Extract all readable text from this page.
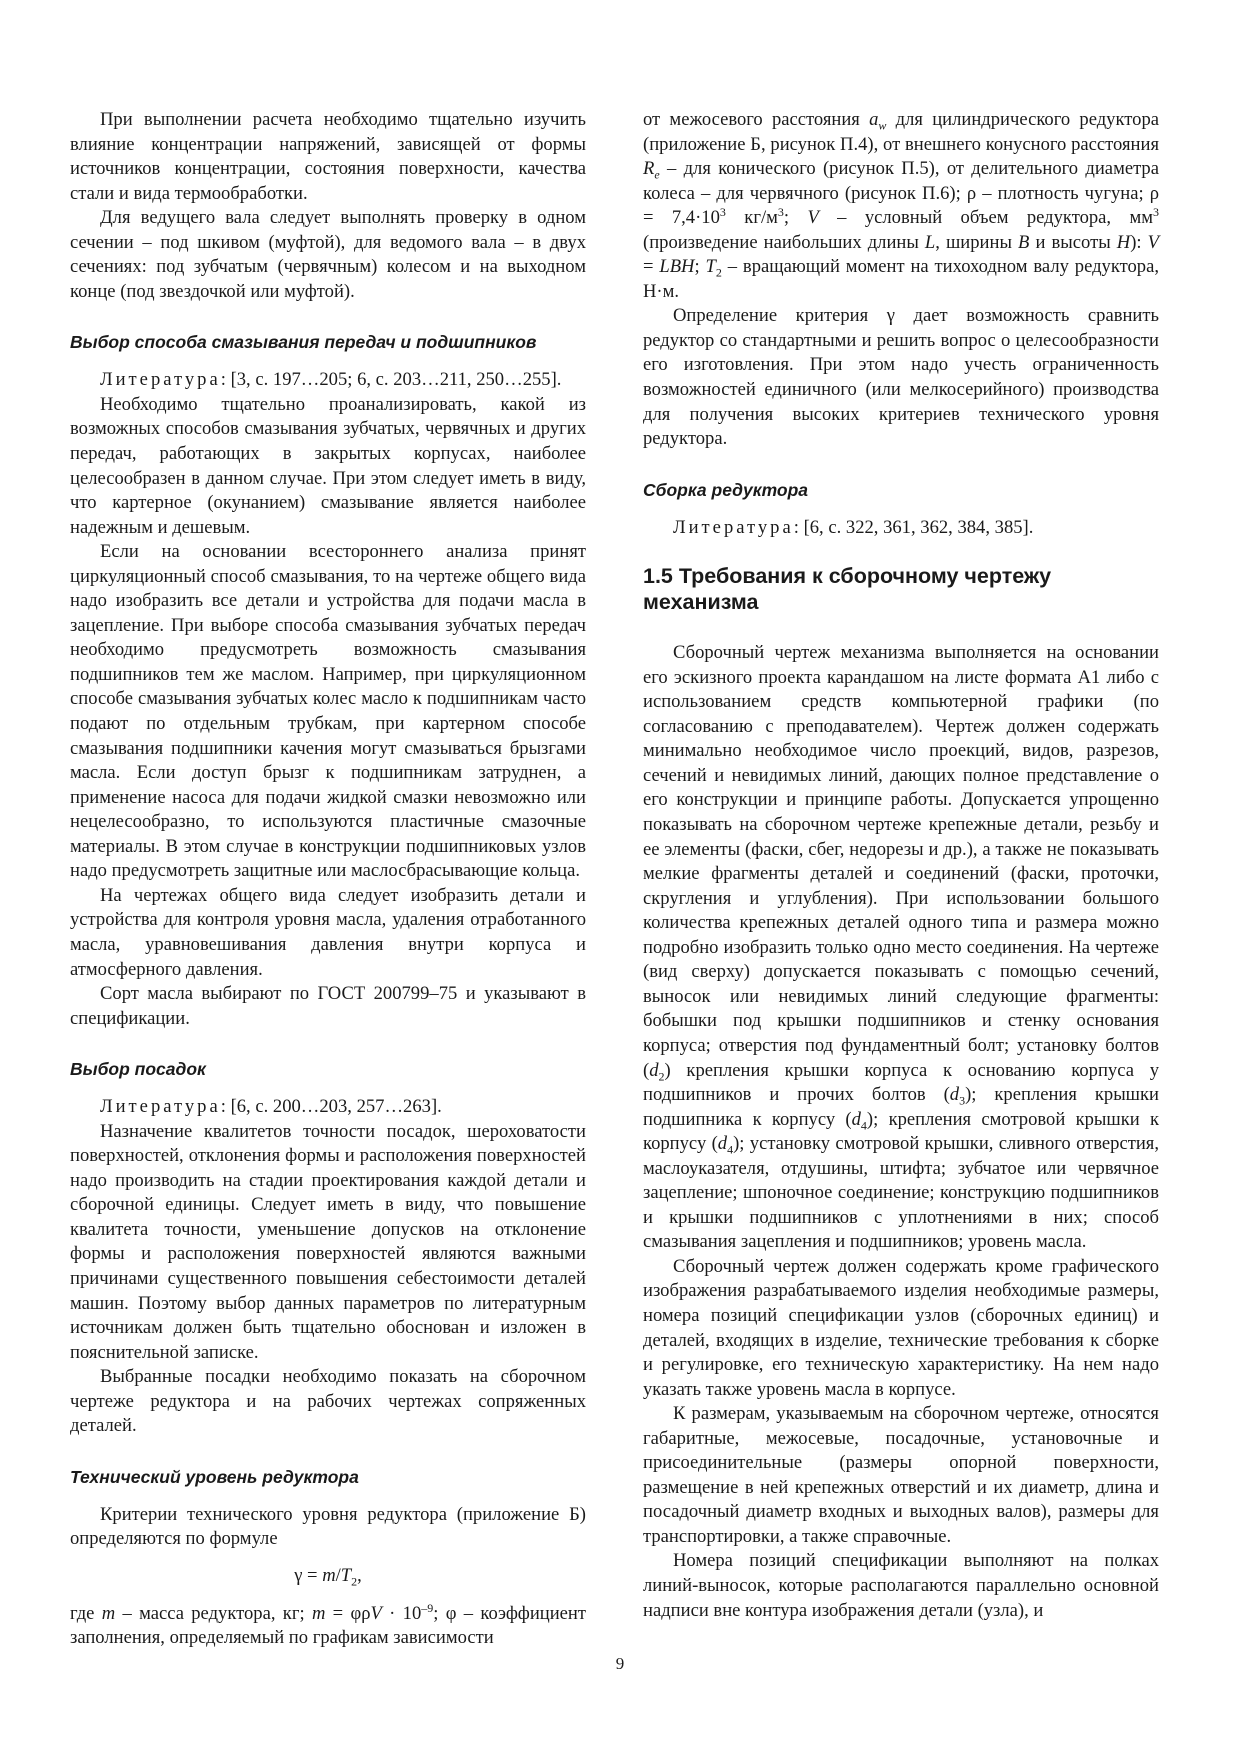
При выполнении расчета необходимо тщательно изучить влияние концентрации напряжений, зависящей от формы источников концентрации, состояния поверхности, качества стали и вида термообработки.

Для ведущего вала следует выполнять проверку в одном сечении – под шкивом (муфтой), для ведомого вала – в двух сечениях: под зубчатым (червячным) колесом и на выходном конце (под звездочкой или муфтой).

Выбор способа смазывания передач и подшипников

Литература: [3, с. 197…205; 6, с. 203…211, 250…255].

Необходимо тщательно проанализировать, какой из возможных способов смазывания зубчатых, червячных и других передач, работающих в закрытых корпусах, наиболее целесообразен в данном случае. При этом следует иметь в виду, что картерное (окунанием) смазывание является наиболее надежным и дешевым.

Если на основании всестороннего анализа принят циркуляционный способ смазывания, то на чертеже общего вида надо изобразить все детали и устройства для подачи масла в зацепление. При выборе способа смазывания зубчатых передач необходимо предусмотреть возможность смазывания подшипников тем же маслом. Например, при циркуляционном способе смазывания зубчатых колес масло к подшипникам часто подают по отдельным трубкам, при картерном способе смазывания подшипники качения могут смазываться брызгами масла. Если доступ брызг к подшипникам затруднен, а применение насоса для подачи жидкой смазки невозможно или нецелесообразно, то используются пластичные смазочные материалы. В этом случае в конструкции подшипниковых узлов надо предусмотреть защитные или маслосбрасывающие кольца.

На чертежах общего вида следует изобразить детали и устройства для контроля уровня масла, удаления отработанного масла, уравновешивания давления внутри корпуса и атмосферного давления.

Сорт масла выбирают по ГОСТ 200799–75 и указывают в спецификации.

Выбор посадок

Литература: [6, с. 200…203, 257…263].

Назначение квалитетов точности посадок, шероховатости поверхностей, отклонения формы и расположения поверхностей надо производить на стадии проектирования каждой детали и сборочной единицы. Следует иметь в виду, что повышение квалитета точности, уменьшение допусков на отклонение формы и расположения поверхностей являются важными причинами существенного повышения себестоимости деталей машин. Поэтому выбор данных параметров по литературным источникам должен быть тщательно обоснован и изложен в пояснительной записке.

Выбранные посадки необходимо показать на сборочном чертеже редуктора и на рабочих чертежах сопряженных деталей.

Технический уровень редуктора

Критерии технического уровня редуктора (приложение Б) определяются по формуле

$\gamma = m/T_2$,

где m – масса редуктора, кг; $m = \varphi\rho V \cdot 10^{-9}$; φ – коэффициент заполнения, определяемый по графикам зависимости

от межосевого расстояния $a_w$ для цилиндрического редуктора (приложение Б, рисунок П.4), от внешнего конусного расстояния $R_e$ – для конического (рисунок П.5), от делительного диаметра колеса – для червячного (рисунок П.6); ρ – плотность чугуна; $\rho = 7,4\cdot 10^3$ $кг/м^3$; V – условный объем редуктора, $мм^3$ (произведение наибольших длины L, ширины B и высоты H): V = LBH; $T_2$ – вращающий момент на тихоходном валу редуктора, Н·м.

Определение критерия γ дает возможность сравнить редуктор со стандартными и решить вопрос о целесообразности его изготовления. При этом надо учесть ограниченность возможностей единичного (или мелкосерийного) производства для получения высоких критериев технического уровня редуктора.

Сборка редуктора

Литература: [6, с. 322, 361, 362, 384, 385].

1.5 Требования к сборочному чертежу механизма

Сборочный чертеж механизма выполняется на основании его эскизного проекта карандашом на листе формата А1 либо с использованием средств компьютерной графики (по согласованию с преподавателем). Чертеж должен содержать минимально необходимое число проекций, видов, разрезов, сечений и невидимых линий, дающих полное представление о его конструкции и принципе работы. Допускается упрощенно показывать на сборочном чертеже крепежные детали, резьбу и ее элементы (фаски, сбег, недорезы и др.), а также не показывать мелкие фрагменты деталей и соединений (фаски, проточки, скругления и углубления). При использовании большого количества крепежных деталей одного типа и размера можно подробно изобразить только одно место соединения. На чертеже (вид сверху) допускается показывать с помощью сечений, выносок или невидимых линий следующие фрагменты: бобышки под крышки подшипников и стенку основания корпуса; отверстия под фундаментный болт; установку болтов $(d_2)$ крепления крышки корпуса к основанию корпуса у подшипников и прочих болтов $(d_3)$; крепления крышки подшипника к корпусу $(d_4)$; крепления смотровой крышки к корпусу $(d_4)$; установку смотровой крышки, сливного отверстия, маслоуказателя, отдушины, штифта; зубчатое или червячное зацепление; шпоночное соединение; конструкцию подшипников и крышки подшипников с уплотнениями в них; способ смазывания зацепления и подшипников; уровень масла.

Сборочный чертеж должен содержать кроме графического изображения разрабатываемого изделия необходимые размеры, номера позиций спецификации узлов (сборочных единиц) и деталей, входящих в изделие, технические требования к сборке и регулировке, его техническую характеристику. На нем надо указать также уровень масла в корпусе.

К размерам, указываемым на сборочном чертеже, относятся габаритные, межосевые, посадочные, установочные и присоединительные (размеры опорной поверхности, размещение в ней крепежных отверстий и их диаметр, длина и посадочный диаметр входных и выходных валов), размеры для транспортировки, а также справочные.

Номера позиций спецификации выполняют на полках линий-выносок, которые располагаются параллельно основной надписи вне контура изображения детали (узла), и

9
